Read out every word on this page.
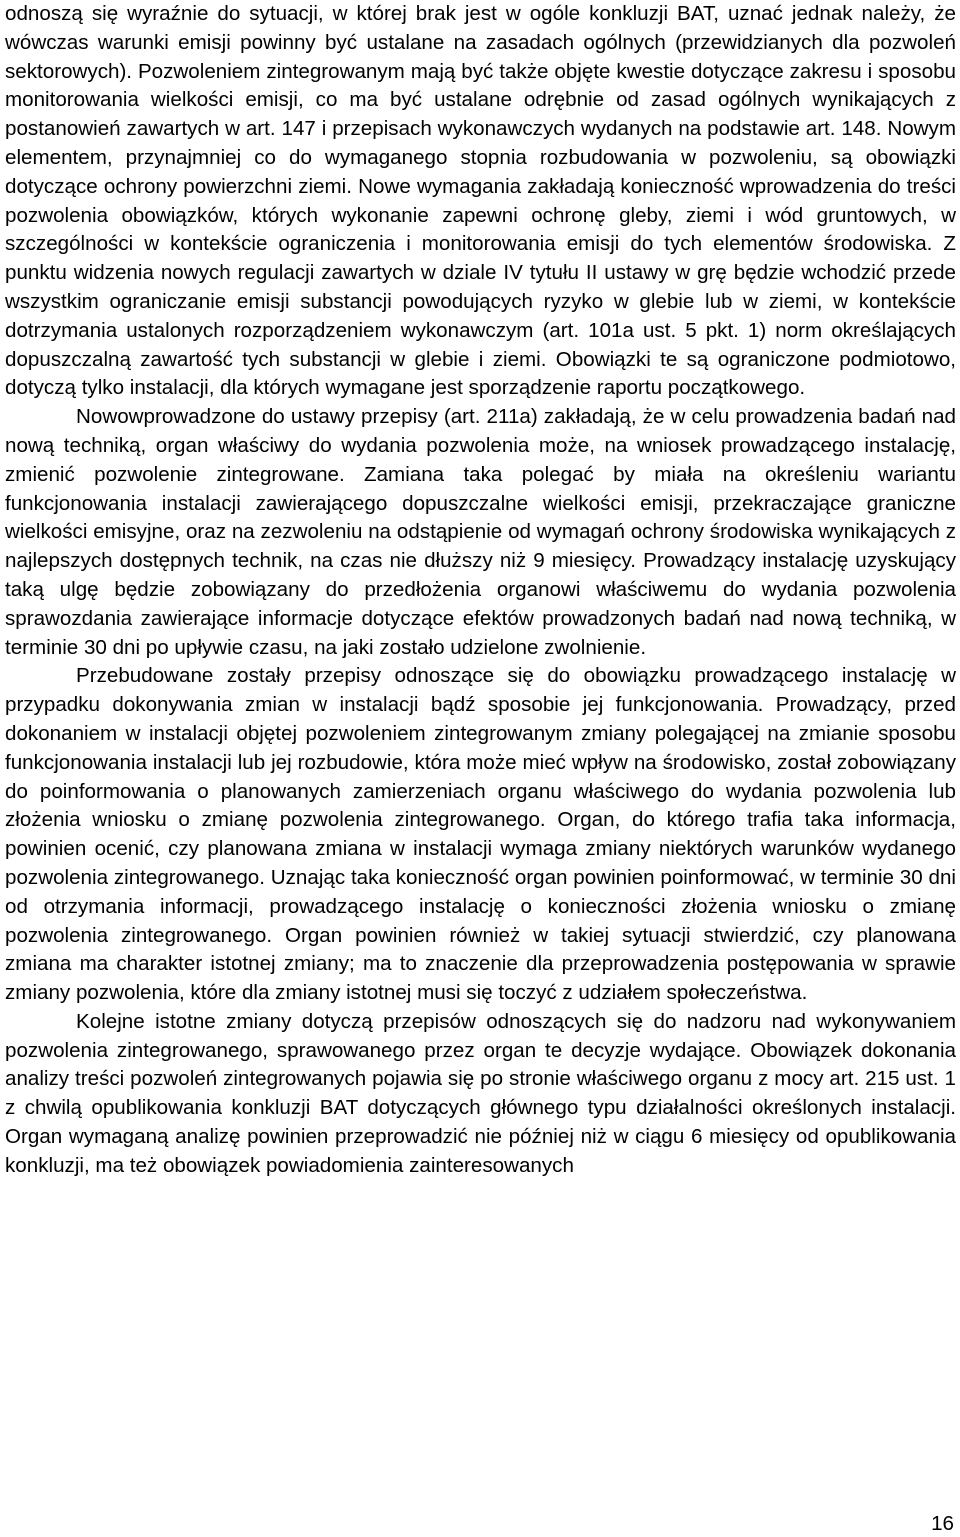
odnoszą się wyraźnie do sytuacji, w której brak jest w ogóle konkluzji BAT, uznać jednak należy, że wówczas warunki emisji powinny być ustalane na zasadach ogólnych (przewidzianych dla pozwoleń sektorowych). Pozwoleniem zintegrowanym mają być także objęte kwestie dotyczące zakresu i sposobu monitorowania wielkości emisji, co ma być ustalane odrębnie od zasad ogólnych wynikających z postanowień zawartych w art. 147 i przepisach wykonawczych wydanych na podstawie art. 148. Nowym elementem, przynajmniej co do wymaganego stopnia rozbudowania w pozwoleniu, są obowiązki dotyczące ochrony powierzchni ziemi. Nowe wymagania zakładają konieczność wprowadzenia do treści pozwolenia obowiązków, których wykonanie zapewni ochronę gleby, ziemi i wód gruntowych, w szczególności w kontekście ograniczenia i monitorowania emisji do tych elementów środowiska. Z punktu widzenia nowych regulacji zawartych w dziale IV tytułu II ustawy w grę będzie wchodzić przede wszystkim ograniczanie emisji substancji powodujących ryzyko w glebie lub w ziemi, w kontekście dotrzymania ustalonych rozporządzeniem wykonawczym (art. 101a ust. 5 pkt. 1) norm określających dopuszczalną zawartość tych substancji w glebie i ziemi. Obowiązki te są ograniczone podmiotowo, dotyczą tylko instalacji, dla których wymagane jest sporządzenie raportu początkowego.

Nowowprowadzone do ustawy przepisy (art. 211a) zakładają, że w celu prowadzenia badań nad nową techniką, organ właściwy do wydania pozwolenia może, na wniosek prowadzącego instalację, zmienić pozwolenie zintegrowane. Zamiana taka polegać by miała na określeniu wariantu funkcjonowania instalacji zawierającego dopuszczalne wielkości emisji, przekraczające graniczne wielkości emisyjne, oraz na zezwoleniu na odstąpienie od wymagań ochrony środowiska wynikających z najlepszych dostępnych technik, na czas nie dłuższy niż 9 miesięcy. Prowadzący instalację uzyskujący taką ulgę będzie zobowiązany do przedłożenia organowi właściwemu do wydania pozwolenia sprawozdania zawierające informacje dotyczące efektów prowadzonych badań nad nową techniką, w terminie 30 dni po upływie czasu, na jaki zostało udzielone zwolnienie.

Przebudowane zostały przepisy odnoszące się do obowiązku prowadzącego instalację w przypadku dokonywania zmian w instalacji bądź sposobie jej funkcjonowania. Prowadzący, przed dokonaniem w instalacji objętej pozwoleniem zintegrowanym zmiany polegającej na zmianie sposobu funkcjonowania instalacji lub jej rozbudowie, która może mieć wpływ na środowisko, został zobowiązany do poinformowania o planowanych zamierzeniach organu właściwego do wydania pozwolenia lub złożenia wniosku o zmianę pozwolenia zintegrowanego. Organ, do którego trafia taka informacja, powinien ocenić, czy planowana zmiana w instalacji wymaga zmiany niektórych warunków wydanego pozwolenia zintegrowanego. Uznając taka konieczność organ powinien poinformować, w terminie 30 dni od otrzymania informacji, prowadzącego instalację o konieczności złożenia wniosku o zmianę pozwolenia zintegrowanego. Organ powinien również w takiej sytuacji stwierdzić, czy planowana zmiana ma charakter istotnej zmiany; ma to znaczenie dla przeprowadzenia postępowania w sprawie zmiany pozwolenia, które dla zmiany istotnej musi się toczyć z udziałem społeczeństwa.

Kolejne istotne zmiany dotyczą przepisów odnoszących się do nadzoru nad wykonywaniem pozwolenia zintegrowanego, sprawowanego przez organ te decyzje wydające. Obowiązek dokonania analizy treści pozwoleń zintegrowanych pojawia się po stronie właściwego organu z mocy art. 215 ust. 1 z chwilą opublikowania konkluzji BAT dotyczących głównego typu działalności określonych instalacji. Organ wymaganą analizę powinien przeprowadzić nie później niż w ciągu 6 miesięcy od opublikowania konkluzji, ma też obowiązek powiadomienia zainteresowanych

16
